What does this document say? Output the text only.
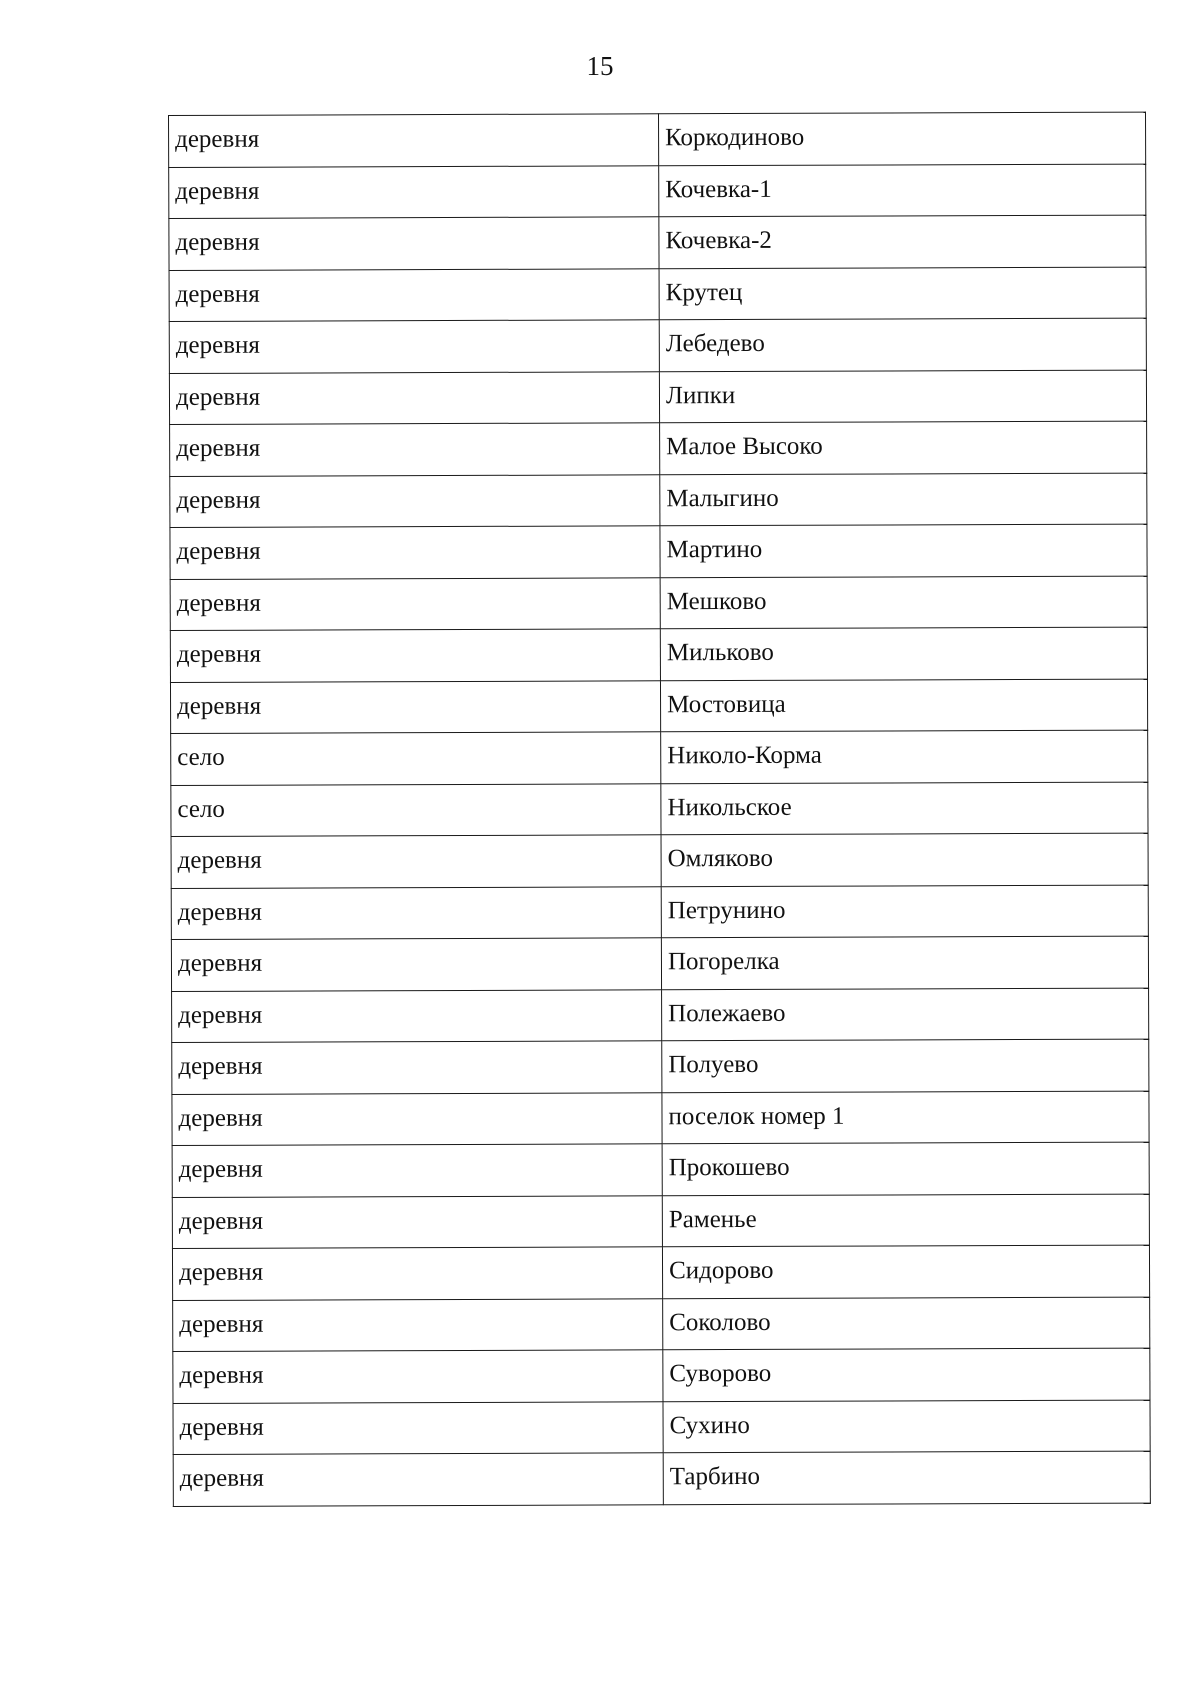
15
деревня	Коркодиново
деревня	Кочевка-1
деревня	Кочевка-2
деревня	Крутец
деревня	Лебедево
деревня	Липки
деревня	Малое Высоко
деревня	Малыгино
деревня	Мартино
деревня	Мешково
деревня	Мильково
деревня	Мостовица
село	Николо-Корма
село	Никольское
деревня	Омляково
деревня	Петрунино
деревня	Погорелка
деревня	Полежаево
деревня	Полуево
деревня	поселок номер 1
деревня	Прокошево
деревня	Раменье
деревня	Сидорово
деревня	Соколово
деревня	Суворово
деревня	Сухино
деревня	Тарбино
